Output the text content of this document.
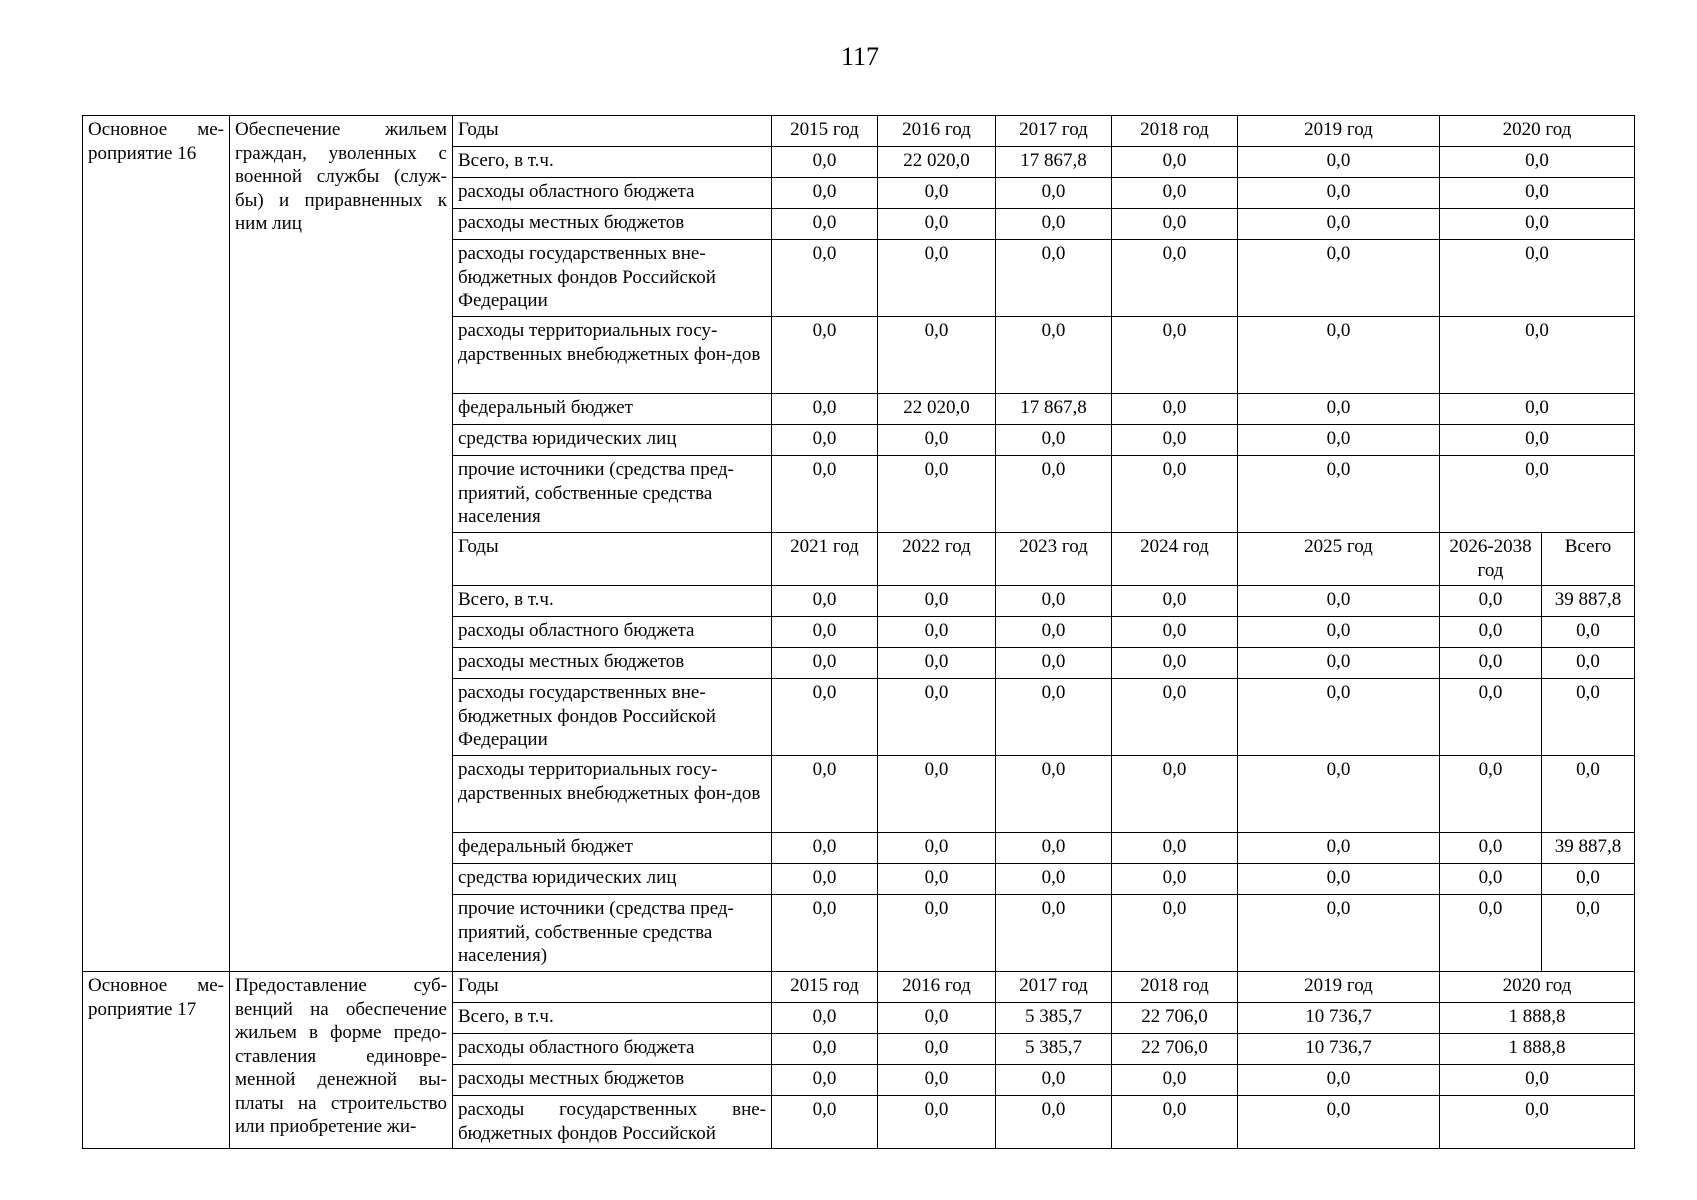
117
Основное ме-роприятие 16	Обеспечение жильем граждан, уволенных с военной службы (служ-бы) и приравненных к ним лиц	Годы	2015 год	2016 год	2017 год	2018 год	2019 год	2020 год	
		Всего, в т.ч.	0,0	22 020,0	17 867,8	0,0	0,0	0,0	
		расходы областного бюджета	0,0	0,0	0,0	0,0	0,0	0,0	
		расходы местных бюджетов	0,0	0,0	0,0	0,0	0,0	0,0	
		расходы государственных вне-бюджетных фондов Российской Федерации	0,0	0,0	0,0	0,0	0,0	0,0	
		расходы территориальных госу-дарственных внебюджетных фон-дов	0,0	0,0	0,0	0,0	0,0	0,0	
		федеральный бюджет	0,0	22 020,0	17 867,8	0,0	0,0	0,0	
		средства юридических лиц	0,0	0,0	0,0	0,0	0,0	0,0	
		прочие источники (средства пред-приятий, собственные средства населения	0,0	0,0	0,0	0,0	0,0	0,0	
		Годы	2021 год	2022 год	2023 год	2024 год	2025 год	2026-2038 год	Всего
		Всего, в т.ч.	0,0	0,0	0,0	0,0	0,0	0,0	39 887,8
		расходы областного бюджета	0,0	0,0	0,0	0,0	0,0	0,0	0,0
		расходы местных бюджетов	0,0	0,0	0,0	0,0	0,0	0,0	0,0
		расходы государственных вне-бюджетных фондов Российской Федерации	0,0	0,0	0,0	0,0	0,0	0,0	0,0
		расходы территориальных госу-дарственных внебюджетных фон-дов	0,0	0,0	0,0	0,0	0,0	0,0	0,0
		федеральный бюджет	0,0	0,0	0,0	0,0	0,0	0,0	39 887,8
		средства юридических лиц	0,0	0,0	0,0	0,0	0,0	0,0	0,0
		прочие источники (средства пред-приятий, собственные средства населения)	0,0	0,0	0,0	0,0	0,0	0,0	0,0
Основное ме-роприятие 17	Предоставление суб-венций на обеспечение жильем в форме предо-ставления единовре-менной денежной вы-платы на строительство или приобретение жи-	Годы	2015 год	2016 год	2017 год	2018 год	2019 год	2020 год	
		Всего, в т.ч.	0,0	0,0	5 385,7	22 706,0	10 736,7	1 888,8	
		расходы областного бюджета	0,0	0,0	5 385,7	22 706,0	10 736,7	1 888,8	
		расходы местных бюджетов	0,0	0,0	0,0	0,0	0,0	0,0	
		расходы государственных вне-бюджетных фондов Российской	0,0	0,0	0,0	0,0	0,0	0,0	
